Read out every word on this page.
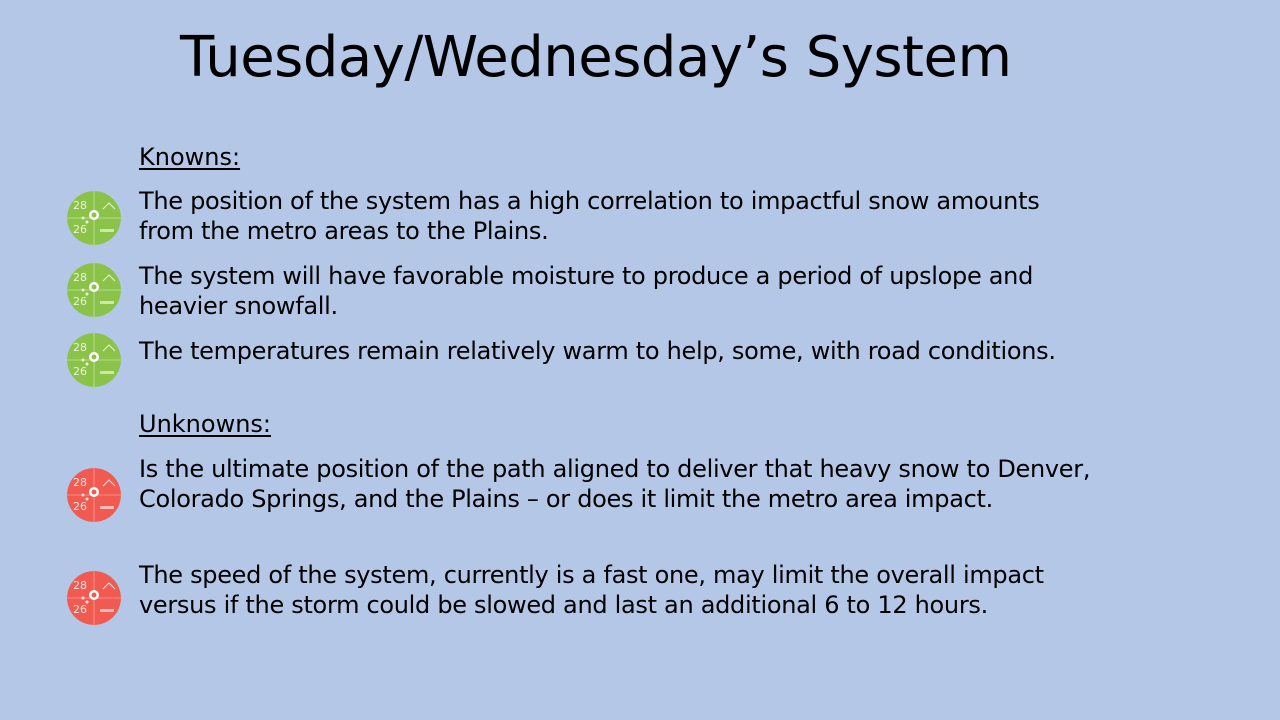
Tuesday/Wednesday’s System
Knowns:
28
26
The position of the system has a high correlation to impactful snow amounts from the metro areas to the Plains.
28
26
The system will have favorable moisture to produce a period of upslope and heavier snowfall.
28
26
The temperatures remain relatively warm to help, some, with road conditions.
Unknowns:
28
26
Is the ultimate position of the path aligned to deliver that heavy snow to Denver, Colorado Springs, and the Plains – or does it limit the metro area impact.
28
26
The speed of the system, currently is a fast one, may limit the overall impact versus if the storm could be slowed and last an additional 6 to 12 hours.
